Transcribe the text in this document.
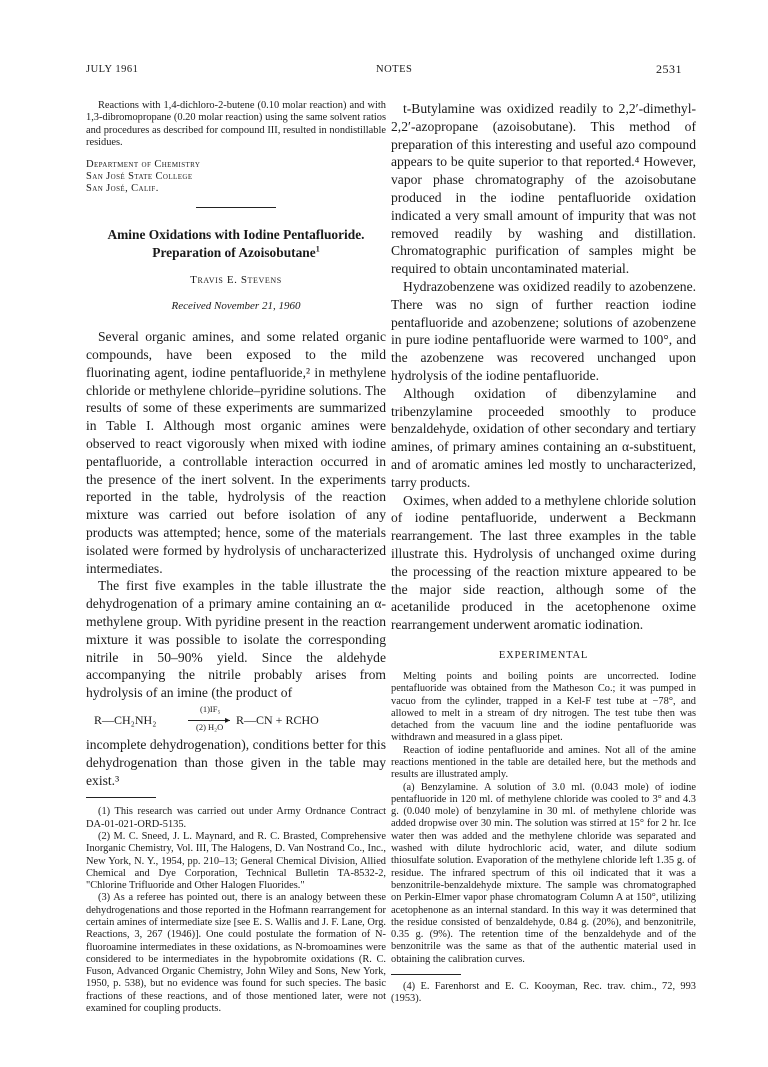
JULY 1961	NOTES	2531

Reactions with 1,4-dichloro-2-butene (0.10 molar reaction) and with 1,3-dibromopropane (0.20 molar reaction) using the same solvent ratios and procedures as described for compound III, resulted in nondistillable residues.

Department of Chemistry
San José State College
San José, Calif.

Amine Oxidations with Iodine Pentafluoride.

Preparation of Azoisobutane$^1$

Travis E. Stevens

Received November 21, 1960

Several organic amines, and some related organic compounds, have been exposed to the mild fluorinating agent, iodine pentafluoride,² in methylene chloride or methylene chloride–pyridine solutions. The results of some of these experiments are summarized in Table I. Although most organic amines were observed to react vigorously when mixed with iodine pentafluoride, a controllable interaction occurred in the presence of the inert solvent. In the experiments reported in the table, hydrolysis of the reaction mixture was carried out before isolation of any products was attempted; hence, some of the materials isolated were formed by hydrolysis of uncharacterized intermediates.

The first five examples in the table illustrate the dehydrogenation of a primary amine containing an α-methylene group. With pyridine present in the reaction mixture it was possible to isolate the corresponding nitrile in 50–90% yield. Since the aldehyde accompanying the nitrile probably arises from hydrolysis of an imine (the product of

R—CH₂NH₂
(1)IF₅
▸
(2) H₂O R—CN + RCHO

incomplete dehydrogenation), conditions better for this dehydrogenation than those given in the table may exist.³

(1) This research was carried out under Army Ordnance Contract DA-01-021-ORD-5135.

(2) M. C. Sneed, J. L. Maynard, and R. C. Brasted, Comprehensive Inorganic Chemistry, Vol. III, The Halogens, D. Van Nostrand Co., Inc., New York, N. Y., 1954, pp. 210–13; General Chemical Division, Allied Chemical and Dye Corporation, Technical Bulletin TA-8532-2, "Chlorine Trifluoride and Other Halogen Fluorides."

(3) As a referee has pointed out, there is an analogy between these dehydrogenations and those reported in the Hofmann rearrangement for certain amines of intermediate size [see E. S. Wallis and J. F. Lane, Org. Reactions, 3, 267 (1946)]. One could postulate the formation of N-fluoroamine intermediates in these oxidations, as N-bromoamines were considered to be intermediates in the hypobromite oxidations (R. C. Fuson, Advanced Organic Chemistry, John Wiley and Sons, New York, 1950, p. 538), but no evidence was found for such species. The basic fractions of these reactions, and of those mentioned later, were not examined for coupling products.

t-Butylamine was oxidized readily to 2,2′-dimethyl-2,2′-azopropane (azoisobutane). This method of preparation of this interesting and useful azo compound appears to be quite superior to that reported.⁴ However, vapor phase chromatography of the azoisobutane produced in the iodine pentafluoride oxidation indicated a very small amount of impurity that was not removed readily by washing and distillation. Chromatographic purification of samples might be required to obtain uncontaminated material.

Hydrazobenzene was oxidized readily to azobenzene. There was no sign of further reaction iodine pentafluoride and azobenzene; solutions of azobenzene in pure iodine pentafluoride were warmed to 100°, and the azobenzene was recovered unchanged upon hydrolysis of the iodine pentafluoride.

Although oxidation of dibenzylamine and tribenzylamine proceeded smoothly to produce benzaldehyde, oxidation of other secondary and tertiary amines, of primary amines containing an α-substituent, and of aromatic amines led mostly to uncharacterized, tarry products.

Oximes, when added to a methylene chloride solution of iodine pentafluoride, underwent a Beckmann rearrangement. The last three examples in the table illustrate this. Hydrolysis of unchanged oxime during the processing of the reaction mixture appeared to be the major side reaction, although some of the acetanilide produced in the acetophenone oxime rearrangement underwent aromatic iodination.

EXPERIMENTAL

Melting points and boiling points are uncorrected. Iodine pentafluoride was obtained from the Matheson Co.; it was pumped in vacuo from the cylinder, trapped in a Kel-F test tube at −78°, and allowed to melt in a stream of dry nitrogen. The test tube then was detached from the vacuum line and the iodine pentafluoride was withdrawn and measured in a glass pipet.

Reaction of iodine pentafluoride and amines. Not all of the amine reactions mentioned in the table are detailed here, but the methods and results are illustrated amply.

(a) Benzylamine. A solution of 3.0 ml. (0.043 mole) of iodine pentafluoride in 120 ml. of methylene chloride was cooled to 3° and 4.3 g. (0.040 mole) of benzylamine in 30 ml. of methylene chloride was added dropwise over 30 min. The solution was stirred at 15° for 2 hr. Ice water then was added and the methylene chloride was separated and washed with dilute hydrochloric acid, water, and dilute sodium thiosulfate solution. Evaporation of the methylene chloride left 1.35 g. of residue. The infrared spectrum of this oil indicated that it was a benzonitrile-benzaldehyde mixture. The sample was chromatographed on Perkin-Elmer vapor phase chromatogram Column A at 150°, utilizing acetophenone as an internal standard. In this way it was determined that the residue consisted of benzaldehyde, 0.84 g. (20%), and benzonitrile, 0.35 g. (9%). The retention time of the benzaldehyde and of the benzonitrile was the same as that of the authentic material used in obtaining the calibration curves.

(4) E. Farenhorst and E. C. Kooyman, Rec. trav. chim., 72, 993 (1953).
